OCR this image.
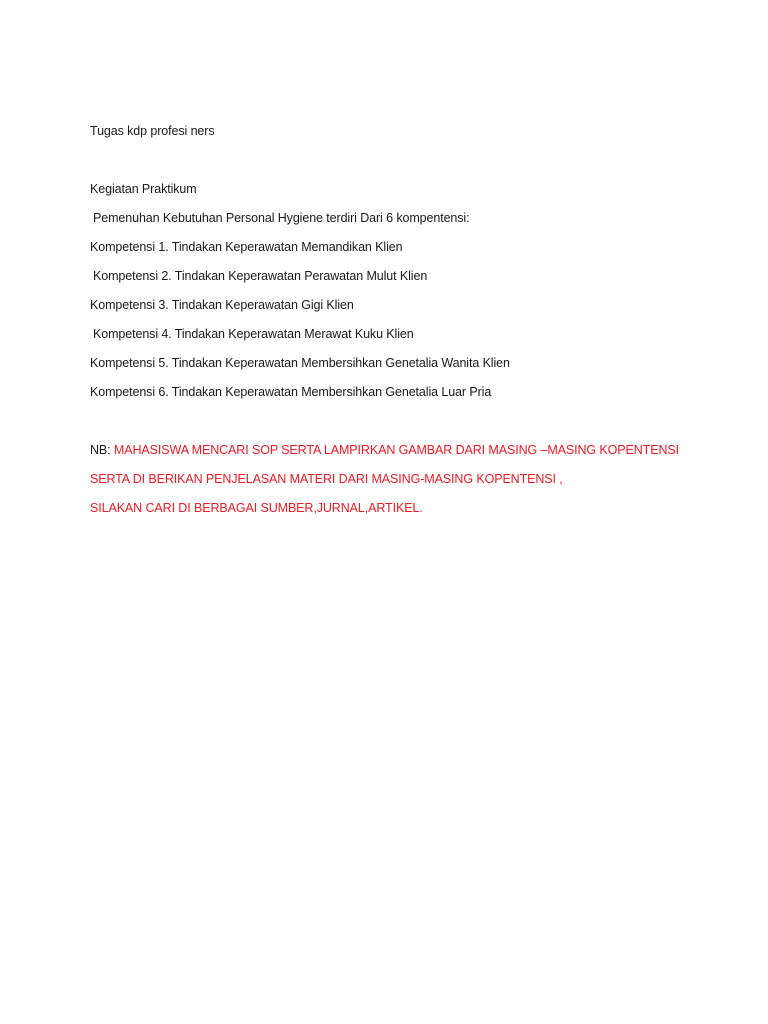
Tugas kdp profesi ners
Kegiatan Praktikum
Pemenuhan Kebutuhan Personal Hygiene terdiri Dari 6 kompentensi:
Kompetensi 1. Tindakan Keperawatan Memandikan Klien
Kompetensi 2. Tindakan Keperawatan Perawatan Mulut Klien
Kompetensi 3. Tindakan Keperawatan Gigi Klien
Kompetensi 4. Tindakan Keperawatan Merawat Kuku Klien
Kompetensi 5. Tindakan Keperawatan Membersihkan Genetalia Wanita Klien
Kompetensi 6. Tindakan Keperawatan Membersihkan Genetalia Luar Pria
NB: MAHASISWA MENCARI SOP SERTA LAMPIRKAN GAMBAR DARI MASING –MASING KOPENTENSI
SERTA DI BERIKAN PENJELASAN MATERI DARI MASING-MASING KOPENTENSI ,
SILAKAN CARI DI BERBAGAI SUMBER,JURNAL,ARTIKEL.
